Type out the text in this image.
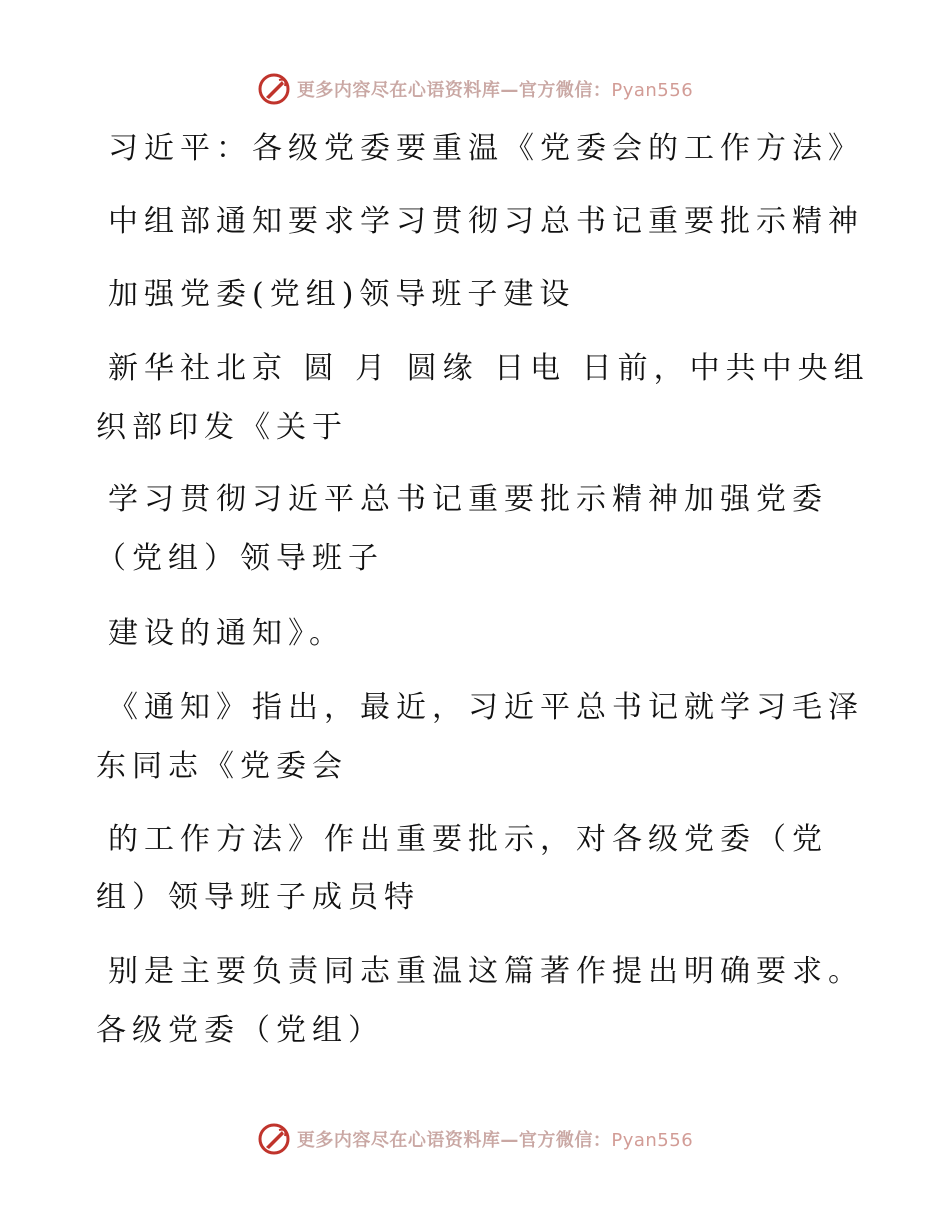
更多内容尽在心语资料库—官方微信：Pyan556
习近平：各级党委要重温《党委会的工作方法》
中组部通知要求学习贯彻习总书记重要批示精神
加强党委(党组)领导班子建设
新华社北京 圆 月 圆缘 日电 日前，中共中央组
织部印发《关于
学习贯彻习近平总书记重要批示精神加强党委
（党组）领导班子
建设的通知》。
《通知》指出，最近，习近平总书记就学习毛泽
东同志《党委会
的工作方法》作出重要批示，对各级党委（党
组）领导班子成员特
别是主要负责同志重温这篇著作提出明确要求。
各级党委（党组）
更多内容尽在心语资料库—官方微信：Pyan556
